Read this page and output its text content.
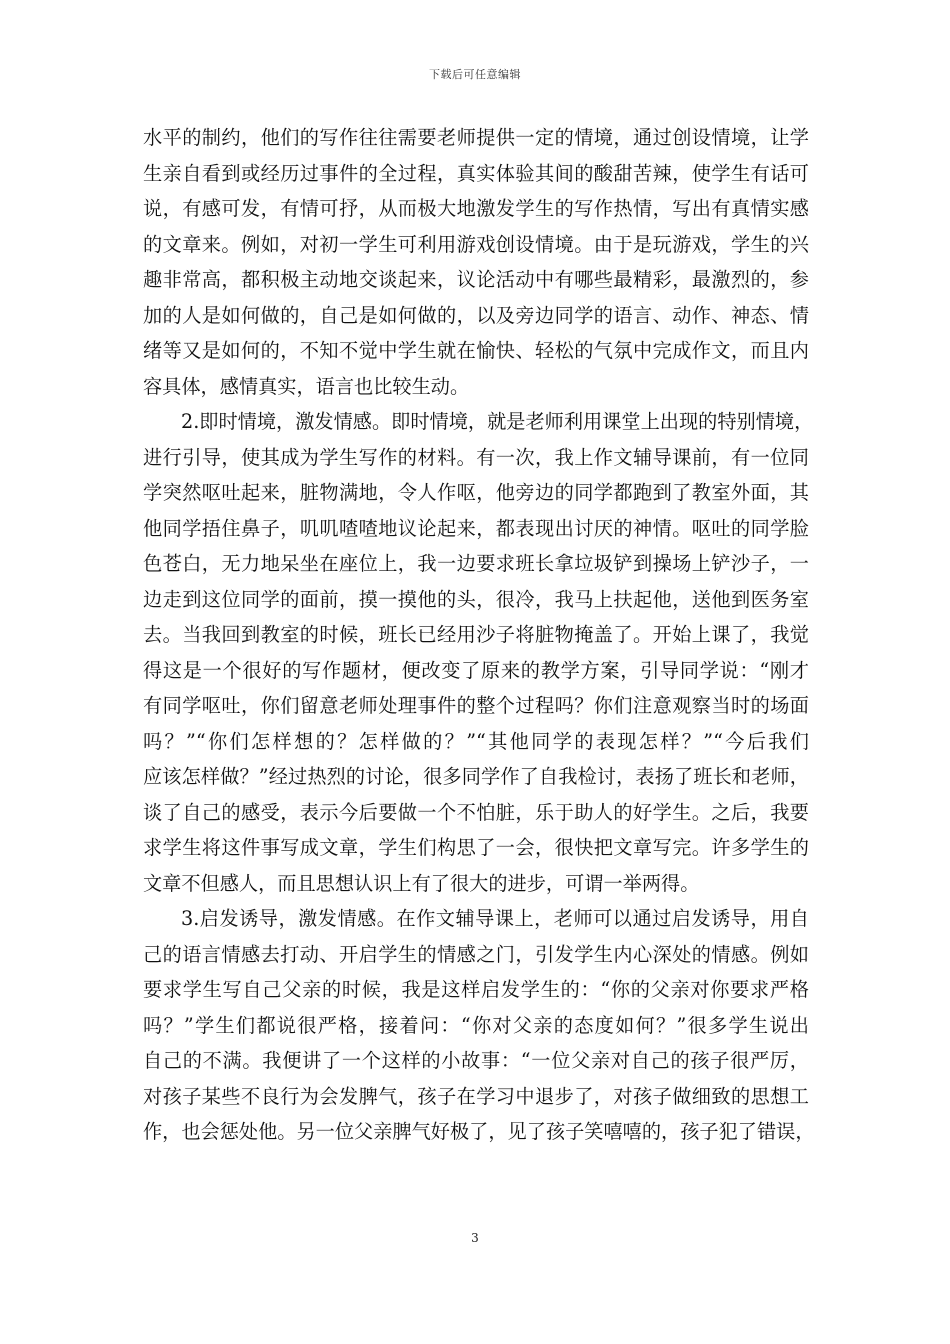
下载后可任意编辑
水平的制约，他们的写作往往需要老师提供一定的情境，通过创设情境，让学
生亲自看到或经历过事件的全过程，真实体验其间的酸甜苦辣，使学生有话可
说，有感可发，有情可抒，从而极大地激发学生的写作热情，写出有真情实感
的文章来。例如，对初一学生可利用游戏创设情境。由于是玩游戏，学生的兴
趣非常高，都积极主动地交谈起来，议论活动中有哪些最精彩，最激烈的，参
加的人是如何做的，自己是如何做的，以及旁边同学的语言、动作、神态、情
绪等又是如何的，不知不觉中学生就在愉快、轻松的气氛中完成作文，而且内
容具体，感情真实，语言也比较生动。
2.即时情境，激发情感。即时情境，就是老师利用课堂上出现的特别情境，
进行引导，使其成为学生写作的材料。有一次，我上作文辅导课前，有一位同
学突然呕吐起来，脏物满地，令人作呕，他旁边的同学都跑到了教室外面，其
他同学捂住鼻子，叽叽喳喳地议论起来，都表现出讨厌的神情。呕吐的同学脸
色苍白，无力地呆坐在座位上，我一边要求班长拿垃圾铲到操场上铲沙子，一
边走到这位同学的面前，摸一摸他的头，很冷，我马上扶起他，送他到医务室
去。当我回到教室的时候，班长已经用沙子将脏物掩盖了。开始上课了，我觉
得这是一个很好的写作题材，便改变了原来的教学方案，引导同学说：“刚才
有同学呕吐，你们留意老师处理事件的整个过程吗？你们注意观察当时的场面
吗？”“你们怎样想的？怎样做的？”“其他同学的表现怎样？”“今后我们
应该怎样做？”经过热烈的讨论，很多同学作了自我检讨，表扬了班长和老师，
谈了自己的感受，表示今后要做一个不怕脏，乐于助人的好学生。之后，我要
求学生将这件事写成文章，学生们构思了一会，很快把文章写完。许多学生的
文章不但感人，而且思想认识上有了很大的进步，可谓一举两得。
3.启发诱导，激发情感。在作文辅导课上，老师可以通过启发诱导，用自
己的语言情感去打动、开启学生的情感之门，引发学生内心深处的情感。例如
要求学生写自己父亲的时候，我是这样启发学生的：“你的父亲对你要求严格
吗？”学生们都说很严格，接着问：“你对父亲的态度如何？”很多学生说出
自己的不满。我便讲了一个这样的小故事：“一位父亲对自己的孩子很严厉，
对孩子某些不良行为会发脾气，孩子在学习中退步了，对孩子做细致的思想工
作，也会惩处他。另一位父亲脾气好极了，见了孩子笑嘻嘻的，孩子犯了错误，
3
